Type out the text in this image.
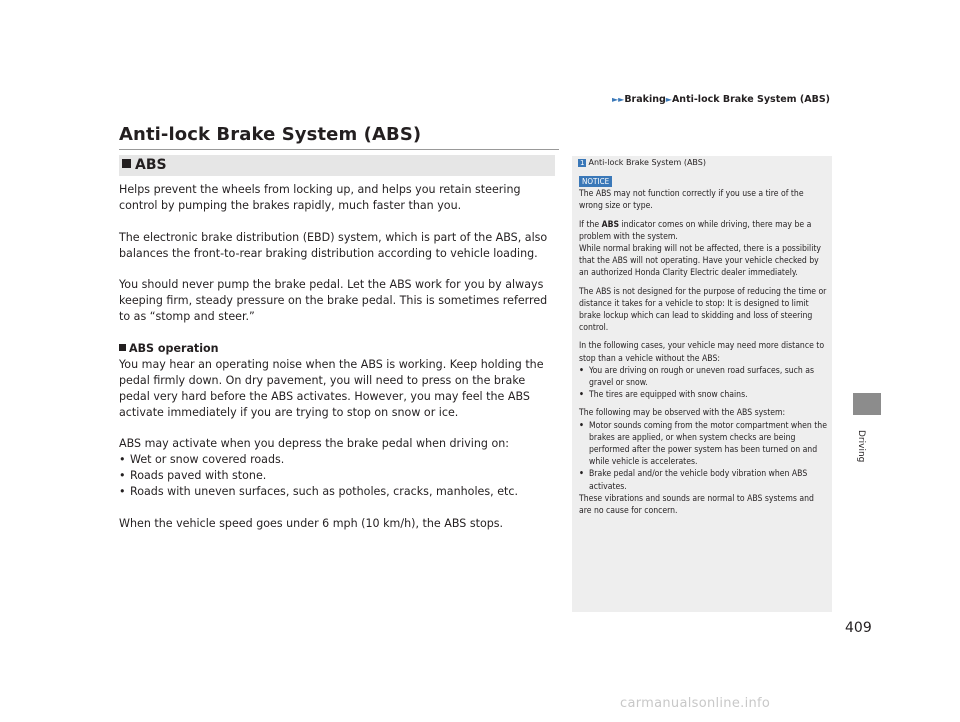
►►Braking►Anti-lock Brake System (ABS)
Anti-lock Brake System (ABS)
ABS

Helps prevent the wheels from locking up, and helps you retain steering control by pumping the brakes rapidly, much faster than you.

The electronic brake distribution (EBD) system, which is part of the ABS, also balances the front-to-rear braking distribution according to vehicle loading.

You should never pump the brake pedal. Let the ABS work for you by always keeping firm, steady pressure on the brake pedal. This is sometimes referred to as “stomp and steer.”

ABS operation

You may hear an operating noise when the ABS is working. Keep holding the pedal firmly down. On dry pavement, you will need to press on the brake pedal very hard before the ABS activates. However, you may feel the ABS activate immediately if you are trying to stop on snow or ice.

ABS may activate when you depress the brake pedal when driving on:

• Wet or snow covered roads.
• Roads paved with stone.
• Roads with uneven surfaces, such as potholes, cracks, manholes, etc.

When the vehicle speed goes under 6 mph (10 km/h), the ABS stops.

1 Anti-lock Brake System (ABS)
NOTICE

The ABS may not function correctly if you use a tire of the wrong size or type.

If the ABS indicator comes on while driving, there may be a problem with the system.

While normal braking will not be affected, there is a possibility that the ABS will not operating. Have your vehicle checked by an authorized Honda Clarity Electric dealer immediately.

The ABS is not designed for the purpose of reducing the time or distance it takes for a vehicle to stop: It is designed to limit brake lockup which can lead to skidding and loss of steering control.

In the following cases, your vehicle may need more distance to stop than a vehicle without the ABS:

• You are driving on rough or uneven road surfaces, such as gravel or snow.
• The tires are equipped with snow chains.

The following may be observed with the ABS system:

• Motor sounds coming from the motor compartment when the brakes are applied, or when system checks are being performed after the power system has been turned on and while vehicle is accelerates.
• Brake pedal and/or the vehicle body vibration when ABS activates.

These vibrations and sounds are normal to ABS systems and are no cause for concern.

Driving
409
carmanualsonline.info
